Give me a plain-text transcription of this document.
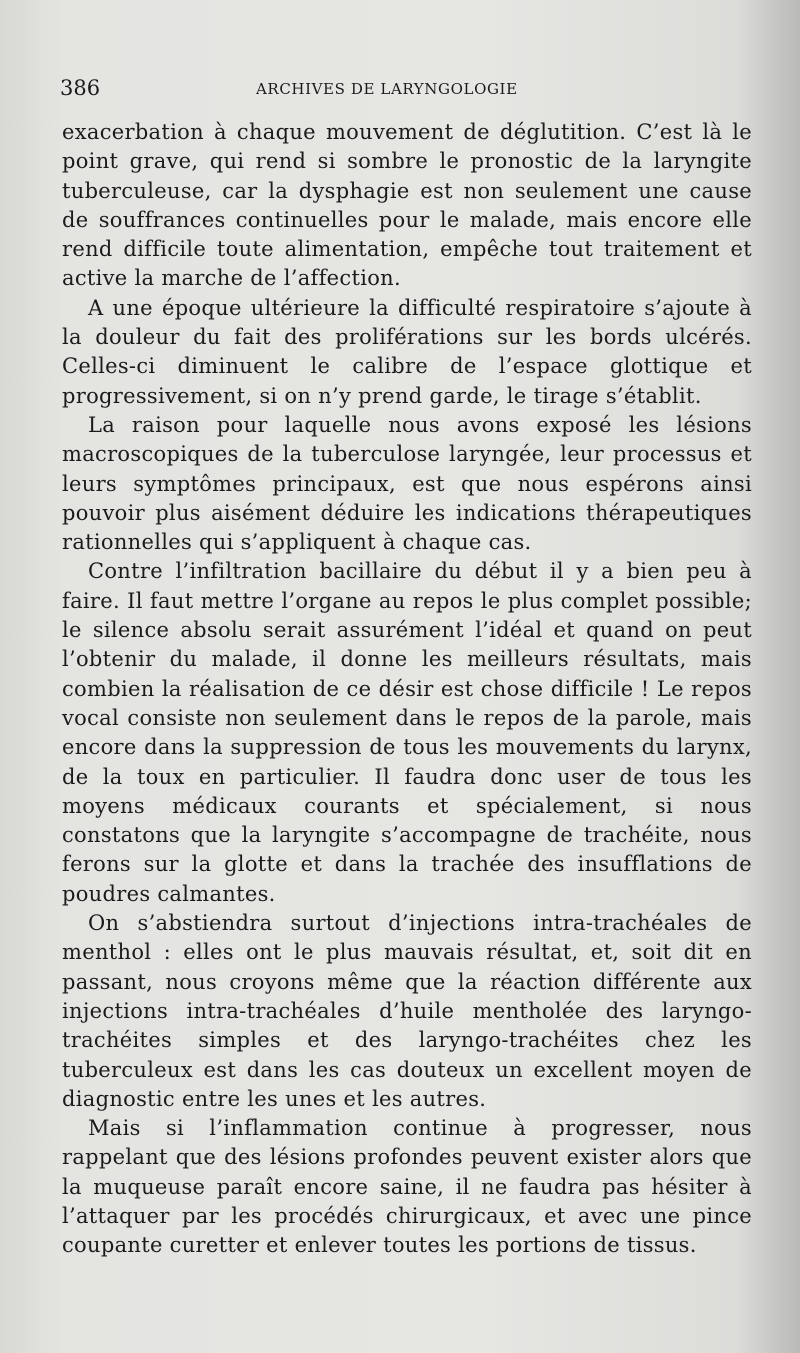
386	ARCHIVES DE LARYNGOLOGIE

exacerbation à chaque mouvement de déglutition. C’est là le point grave, qui rend si sombre le pronostic de la laryngite tuberculeuse, car la dysphagie est non seulement une cause de souffrances continuelles pour le malade, mais encore elle rend difficile toute alimentation, empêche tout traitement et active la marche de l’affection.

A une époque ultérieure la difficulté respiratoire s’ajoute à la douleur du fait des proliférations sur les bords ulcérés. Celles-ci diminuent le calibre de l’espace glottique et progressivement, si on n’y prend garde, le tirage s’établit.

La raison pour laquelle nous avons exposé les lésions macroscopiques de la tuberculose laryngée, leur processus et leurs symptômes principaux, est que nous espérons ainsi pouvoir plus aisément déduire les indications thérapeutiques rationnelles qui s’appliquent à chaque cas.

Contre l’infiltration bacillaire du début il y a bien peu à faire. Il faut mettre l’organe au repos le plus complet possible; le silence absolu serait assurément l’idéal et quand on peut l’obtenir du malade, il donne les meilleurs résultats, mais combien la réalisation de ce désir est chose difficile ! Le repos vocal consiste non seulement dans le repos de la parole, mais encore dans la suppression de tous les mouvements du larynx, de la toux en particulier. Il faudra donc user de tous les moyens médicaux courants et spécialement, si nous constatons que la laryngite s’accompagne de trachéite, nous ferons sur la glotte et dans la trachée des insufflations de poudres calmantes.

On s’abstiendra surtout d’injections intra-trachéales de menthol : elles ont le plus mauvais résultat, et, soit dit en passant, nous croyons même que la réaction différente aux injections intra-trachéales d’huile mentholée des laryngo-trachéites simples et des laryngo-trachéites chez les tuberculeux est dans les cas douteux un excellent moyen de diagnostic entre les unes et les autres.

Mais si l’inflammation continue à progresser, nous rappelant que des lésions profondes peuvent exister alors que la muqueuse paraît encore saine, il ne faudra pas hésiter à l’attaquer par les procédés chirurgicaux, et avec une pince coupante curetter et enlever toutes les portions de tissus.
